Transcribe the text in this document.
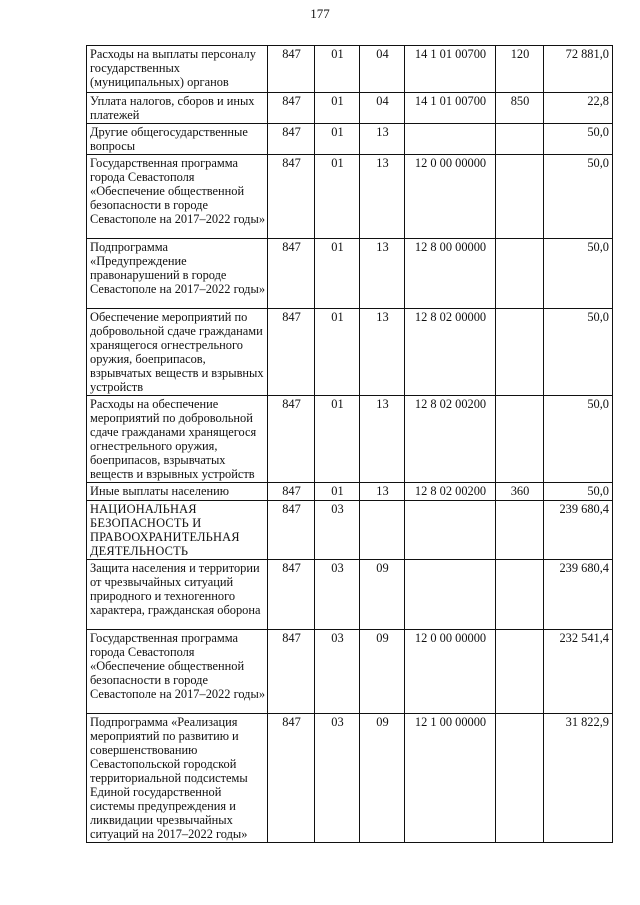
177
Расходы на выплаты персоналу государственных (муниципальных) органов	847	01	04	14 1 01 00700	120	72 881,0
Уплата налогов, сборов и иных платежей	847	01	04	14 1 01 00700	850	22,8
Другие общегосударственные вопросы	847	01	13			50,0
Государственная программа города Севастополя «Обеспечение общественной безопасности в городе Севастополе на 2017–2022 годы»	847	01	13	12 0 00 00000		50,0
Подпрограмма «Предупреждение правонарушений в городе Севастополе на 2017–2022 годы»	847	01	13	12 8 00 00000		50,0
Обеспечение мероприятий по добровольной сдаче гражданами хранящегося огнестрельного оружия, боеприпасов, взрывчатых веществ и взрывных устройств	847	01	13	12 8 02 00000		50,0
Расходы на обеспечение мероприятий по добровольной сдаче гражданами хранящегося огнестрельного оружия, боеприпасов, взрывчатых веществ и взрывных устройств	847	01	13	12 8 02 00200		50,0
Иные выплаты населению	847	01	13	12 8 02 00200	360	50,0
НАЦИОНАЛЬНАЯ БЕЗОПАСНОСТЬ И ПРАВООХРАНИТЕЛЬНАЯ ДЕЯТЕЛЬНОСТЬ	847	03				239 680,4
Защита населения и территории от чрезвычайных ситуаций природного и техногенного характера, гражданская оборона	847	03	09			239 680,4
Государственная программа города Севастополя «Обеспечение общественной безопасности в городе Севастополе на 2017–2022 годы»	847	03	09	12 0 00 00000		232 541,4
Подпрограмма «Реализация мероприятий по развитию и совершенствованию Севастопольской городской территориальной подсистемы Единой государственной системы предупреждения и ликвидации чрезвычайных ситуаций на 2017–2022 годы»	847	03	09	12 1 00 00000		31 822,9
